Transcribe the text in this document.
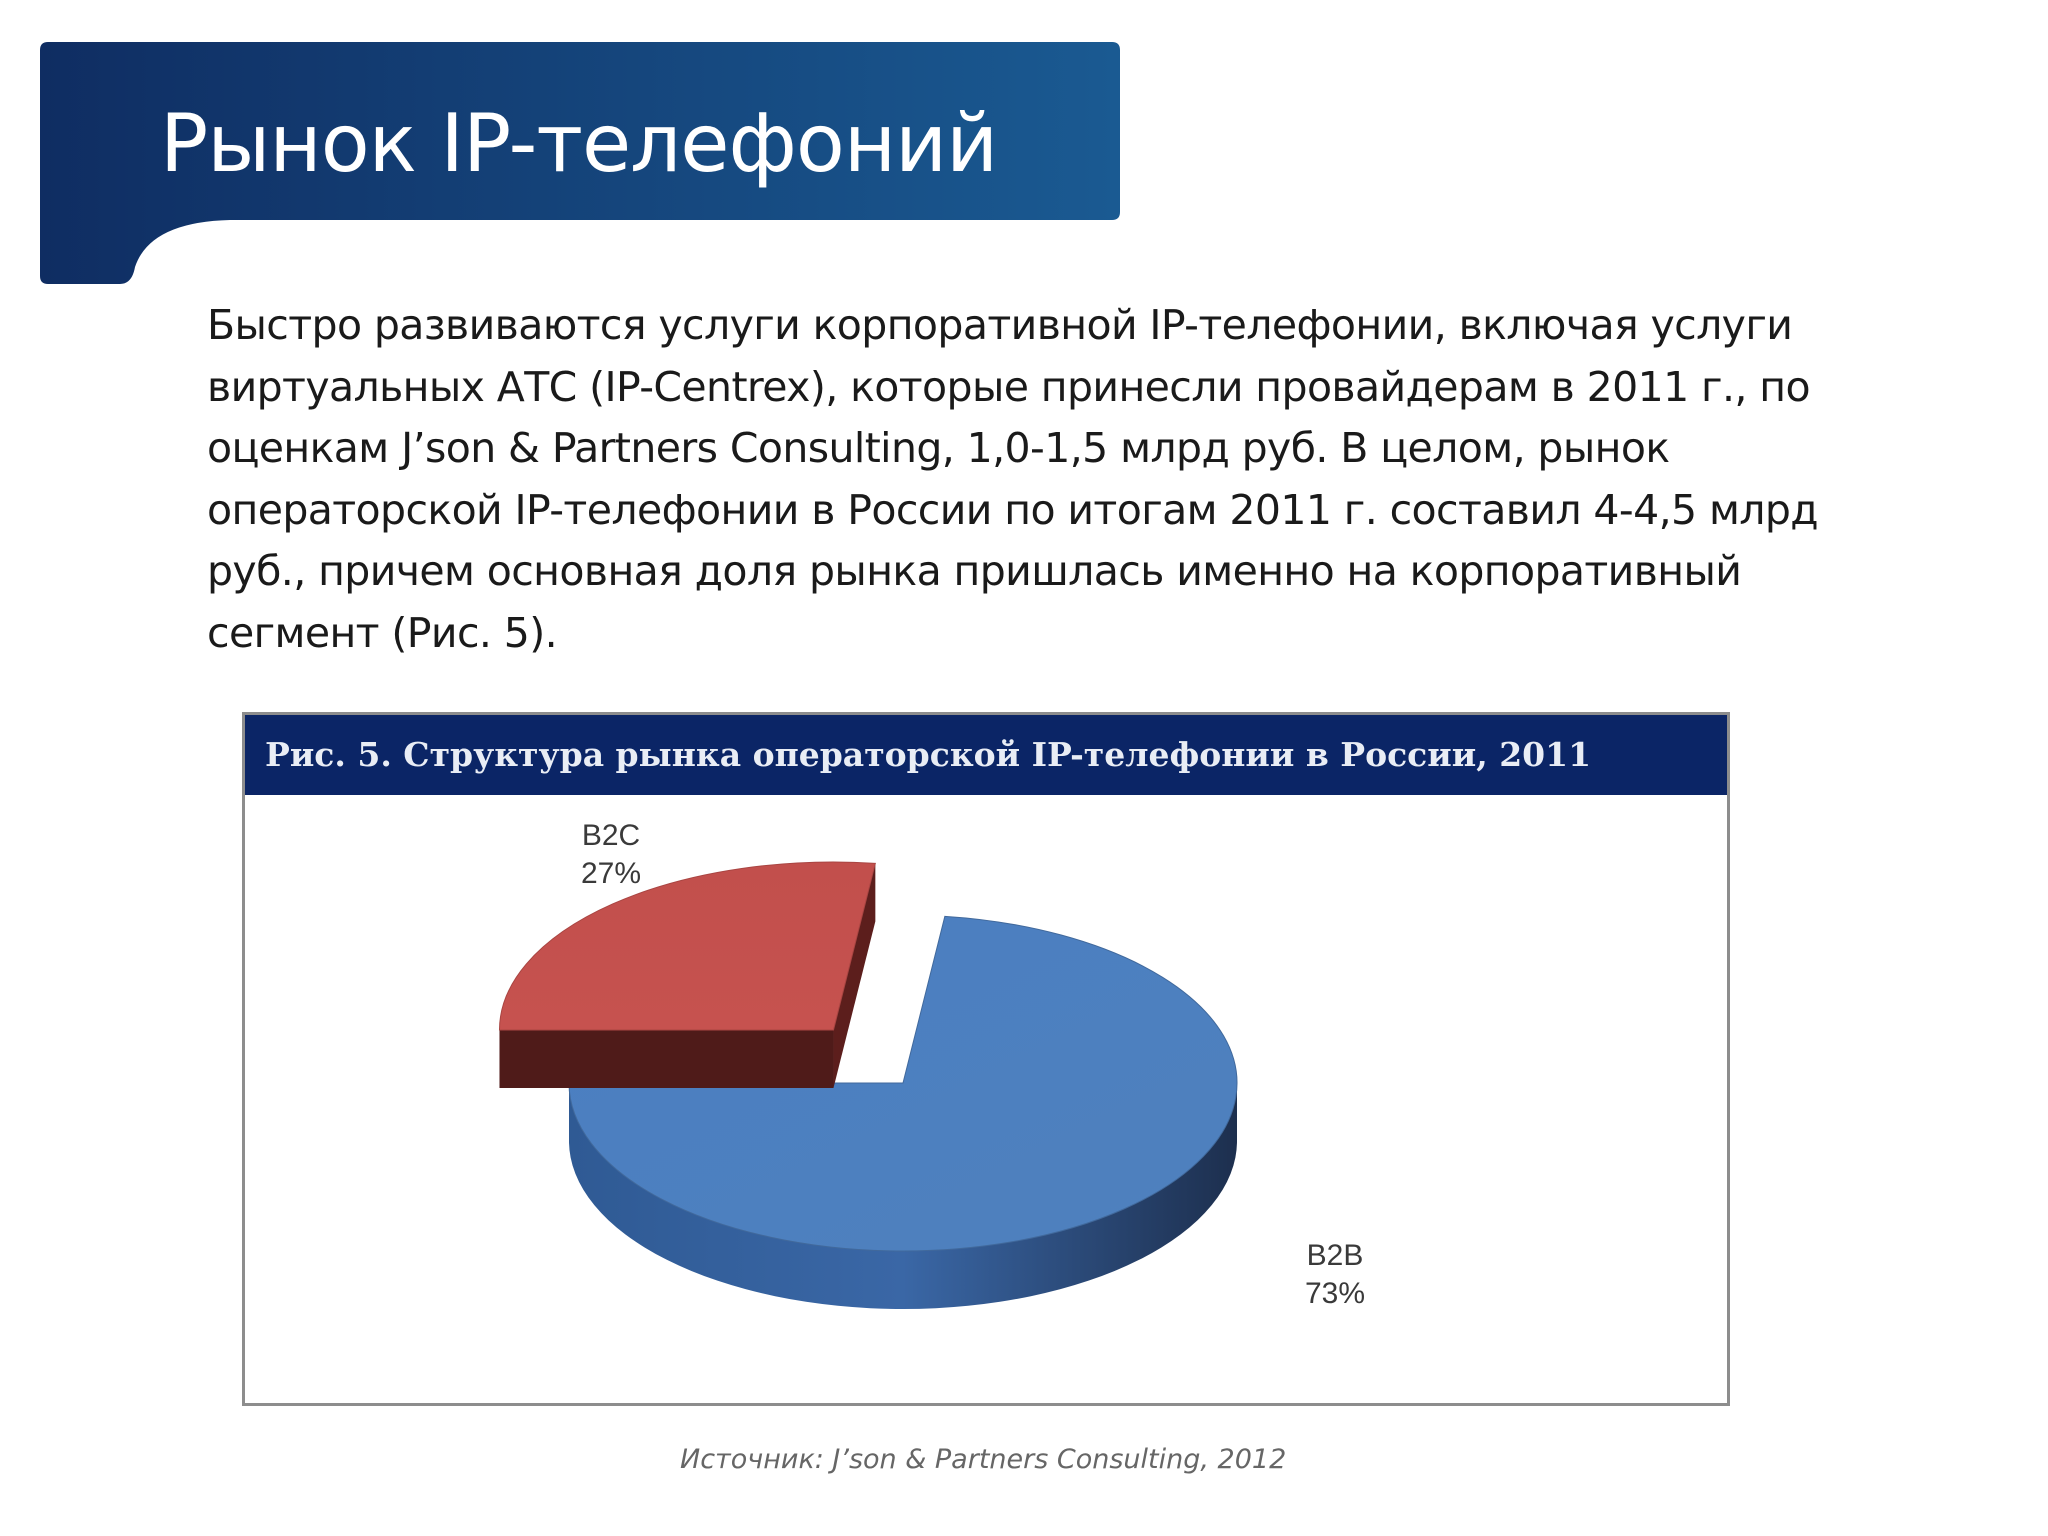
Рынок IP-телефоний

Быстро развиваются услуги корпоративной IP-телефонии, включая услуги
виртуальных АТС (IP-Centrex), которые принесли провайдерам в 2011 г., по
оценкам J’son & Partners Consulting, 1,0-1,5 млрд руб. В целом, рынок
операторской IP-телефонии в России по итогам 2011 г. составил 4-4,5 млрд
руб., причем основная доля рынка пришлась именно на корпоративный
сегмент (Рис. 5).

Рис. 5. Структура рынка операторской IP-телефонии в России, 2011
B2C
27%
B2B
73%
Источник: J’son & Partners Consulting, 2012
